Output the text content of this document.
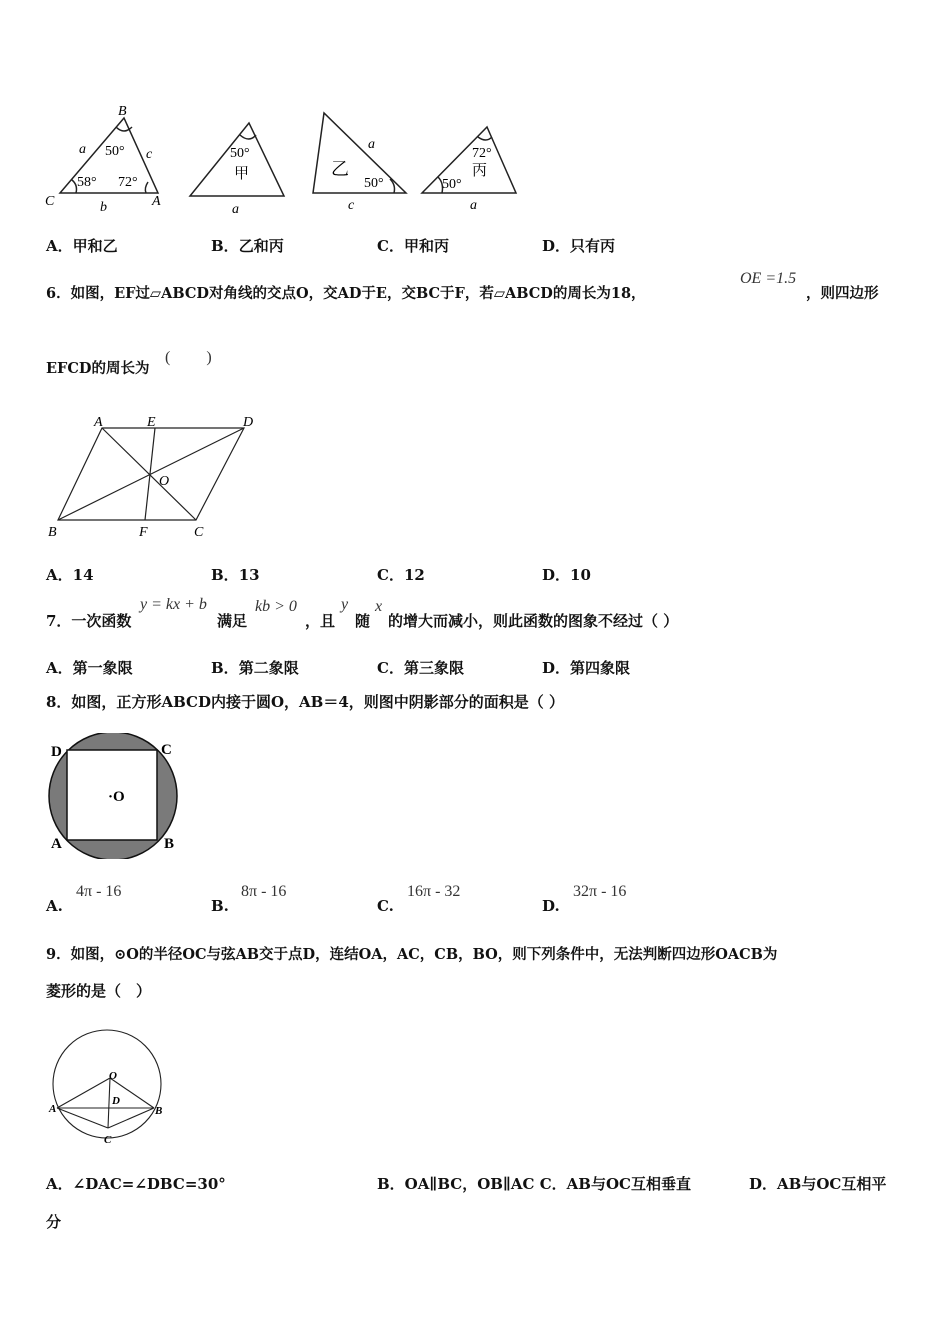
B
C	A
a	c
b
50°
58° 72°
50°
甲
a
乙
a
50°
c
72°
丙
50°
a
A．甲和乙	B．乙和丙	C．甲和丙	D．只有丙
6．如图，EF过▱ABCD对角线的交点O，交AD于E，交BC于F，若▱ABCD的周长为18，
OE =1.5
，则四边形
EFCD的周长为
(　　 )
A	E	D
O
B	F	C
A．14	B．13	C．12	D．10
7．一次函数
y = kx + b
满足
kb > 0
，且
y
随
x
的增大而减小，则此函数的图象不经过（ ）
A．第一象限	B．第二象限	C．第三象限	D．第四象限
8．如图，正方形ABCD内接于圆O，AB＝4，则图中阴影部分的面积是（ ）
D	C
A	B
·O
A.
4π - 16
B.
8π - 16
C.
16π - 32
D.
32π - 16
9．如图，⊙O的半径OC与弦AB交于点D，连结OA，AC，CB，BO，则下列条件中，无法判断四边形OACB为
菱形的是（　）
O
A	B
D
C
A．∠DAC=∠DBC=30°	B．OA∥BC，OB∥AC C．AB与OC互相垂直	D．AB与OC互相平
分
